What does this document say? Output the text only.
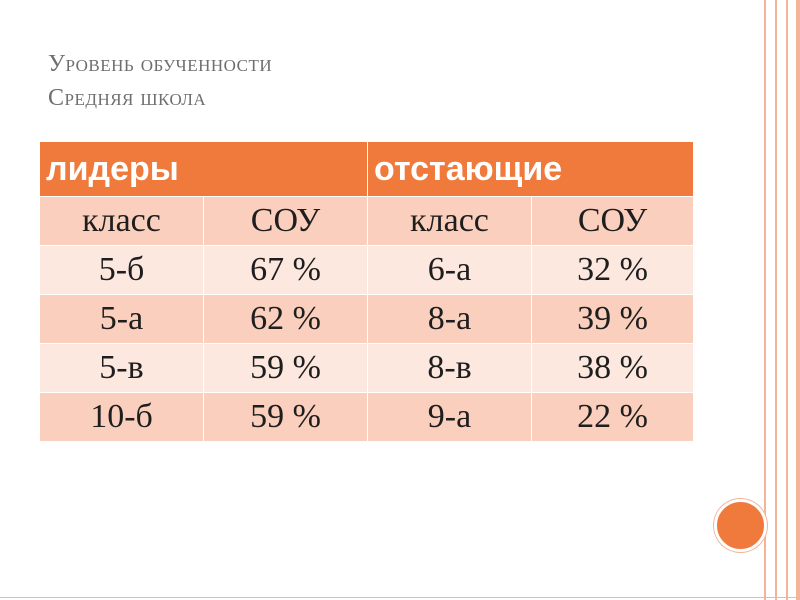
Уровень обученности
Средняя школа
лидеры		отстающие	
класс	СОУ	класс	СОУ
5-б	67 %	6-а	32 %
5-а	62 %	8-а	39 %
5-в	59 %	8-в	38 %
10-б	59 %	9-а	22 %
